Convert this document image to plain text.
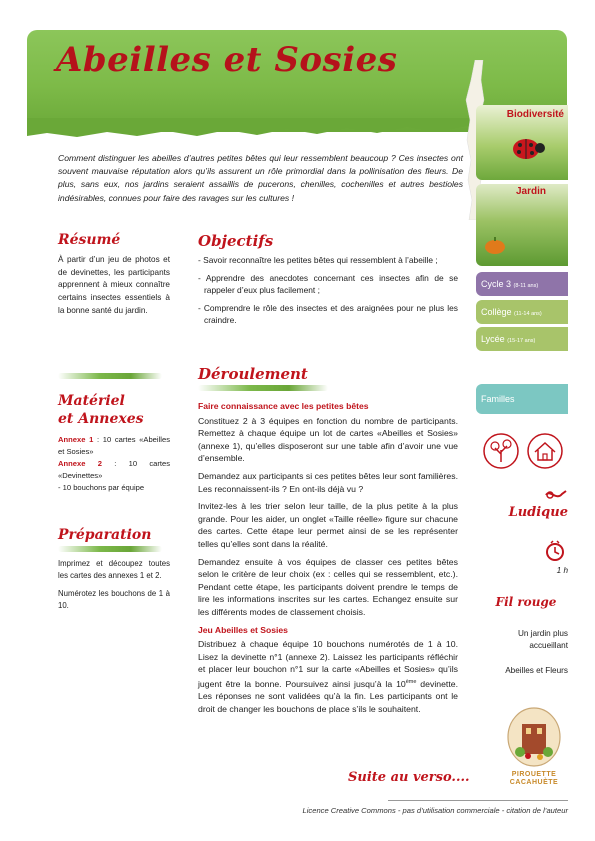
Abeilles et Sosies
Comment distinguer les abeilles d’autres petites bêtes qui leur ressemblent beaucoup ? Ces insectes ont souvent mauvaise réputation alors qu’ils assurent un rôle primordial dans la pollinisation des fleurs. De plus, sans eux, nos jardins seraient assaillis de pucerons, chenilles, cochenilles et autres bestioles indésirables, connues pour faire des ravages sur les cultures !
Résumé
À partir d’un jeu de photos et de devinettes, les participants apprennent à mieux connaître certains insectes essentiels à la bonne santé du jardin.
Matériel
et Annexes
Annexe 1 : 10 cartes «Abeilles et Sosies»
Annexe 2 : 10 cartes «Devinettes»
- 10 bouchons par équipe
Préparation
Imprimez et découpez toutes les cartes des annexes 1 et 2.
Numérotez les bouchons de 1 à 10.
Objectifs
- Savoir reconnaître les petites bêtes qui ressemblent à l’abeille ;
- Apprendre des anecdotes concernant ces insectes afin de se rappeler d’eux plus facilement ;
- Comprendre le rôle des insectes et des araignées pour ne plus les craindre.
Déroulement
Faire connaissance avec les petites bêtes
Constituez 2 à 3 équipes en fonction du nombre de participants. Remettez à chaque équipe un lot de cartes «Abeilles et Sosies» (annexe 1), qu’elles disposeront sur une table afin d’avoir une vue d’ensemble.
Demandez aux participants si ces petites bêtes leur sont familières. Les reconnaissent-ils ? En ont-ils déjà vu ?
Invitez-les à les trier selon leur taille, de la plus petite à la plus grande. Pour les aider, un onglet «Taille réelle» figure sur chacune des cartes. Cette étape leur permet ainsi de se les représenter telles qu’elles sont dans la réalité.
Demandez ensuite à vos équipes de classer ces petites bêtes selon le critère de leur choix (ex : celles qui se ressemblent, etc.). Pendant cette étape, les participants doivent prendre le temps de lire les informations inscrites sur les cartes. Echangez ensuite sur les différents modes de classement choisis.
Jeu Abeilles et Sosies
Distribuez à chaque équipe 10 bouchons numérotés de 1 à 10. Lisez la devinette n°1 (annexe 2). Laissez les participants réfléchir et placer leur bouchon n°1 sur la carte «Abeilles et Sosies» qu’ils jugent être la bonne. Poursuivez ainsi jusqu’à la 10ème devinette. Les réponses ne sont validées qu’à la fin. Les participants ont le droit de changer les bouchons de place s’ils le souhaitent.
Suite au verso....
Biodiversité
Jardin
Cycle 3 (8-11 ans)
Collège (11-14 ans)
Lycée (15-17 ans)
Familles
Ludique
1 h
Fil rouge
Un jardin plus accueillant
Abeilles et Fleurs
PIROUETTE CACAHUÈTE
Licence Creative Commons - pas d’utilisation commerciale - citation de l’auteur
